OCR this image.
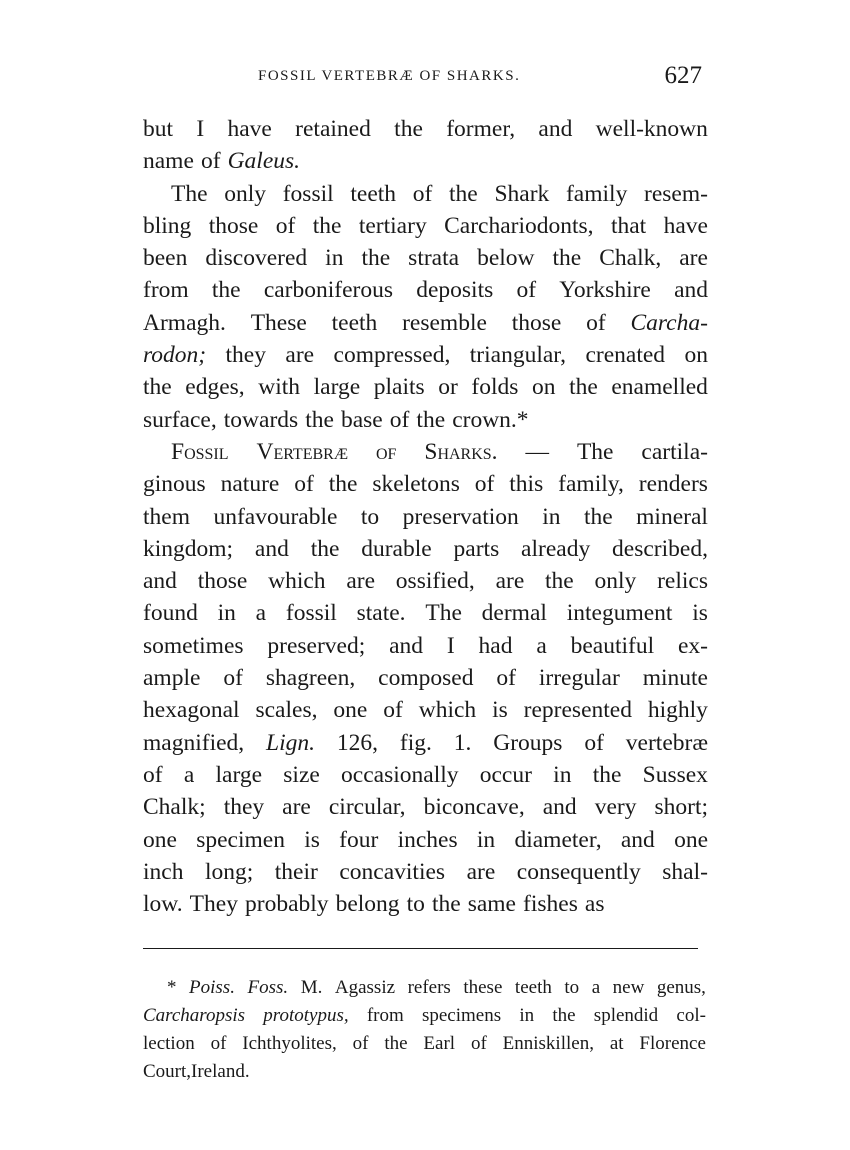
FOSSIL VERTEBRÆ OF SHARKS.	627
but I have retained the former, and well-known
name of Galeus.
The only fossil teeth of the Shark family resem-
bling those of the tertiary Carchariodonts, that have
been discovered in the strata below the Chalk, are
from the carboniferous deposits of Yorkshire and
Armagh. These teeth resemble those of Carcha-
rodon; they are compressed, triangular, crenated on
the edges, with large plaits or folds on the enamelled
surface, towards the base of the crown.*
Fossil Vertebræ of Sharks. — The cartila-
ginous nature of the skeletons of this family, renders
them unfavourable to preservation in the mineral
kingdom; and the durable parts already described,
and those which are ossified, are the only relics
found in a fossil state. The dermal integument is
sometimes preserved; and I had a beautiful ex-
ample of shagreen, composed of irregular minute
hexagonal scales, one of which is represented highly
magnified, Lign. 126, fig. 1. Groups of vertebræ
of a large size occasionally occur in the Sussex
Chalk; they are circular, biconcave, and very short;
one specimen is four inches in diameter, and one
inch long; their concavities are consequently shal-
low. They probably belong to the same fishes as
* Poiss. Foss. M. Agassiz refers these teeth to a new genus,
Carcharopsis prototypus, from specimens in the splendid col-
lection of Ichthyolites, of the Earl of Enniskillen, at Florence
Court, Ireland.
